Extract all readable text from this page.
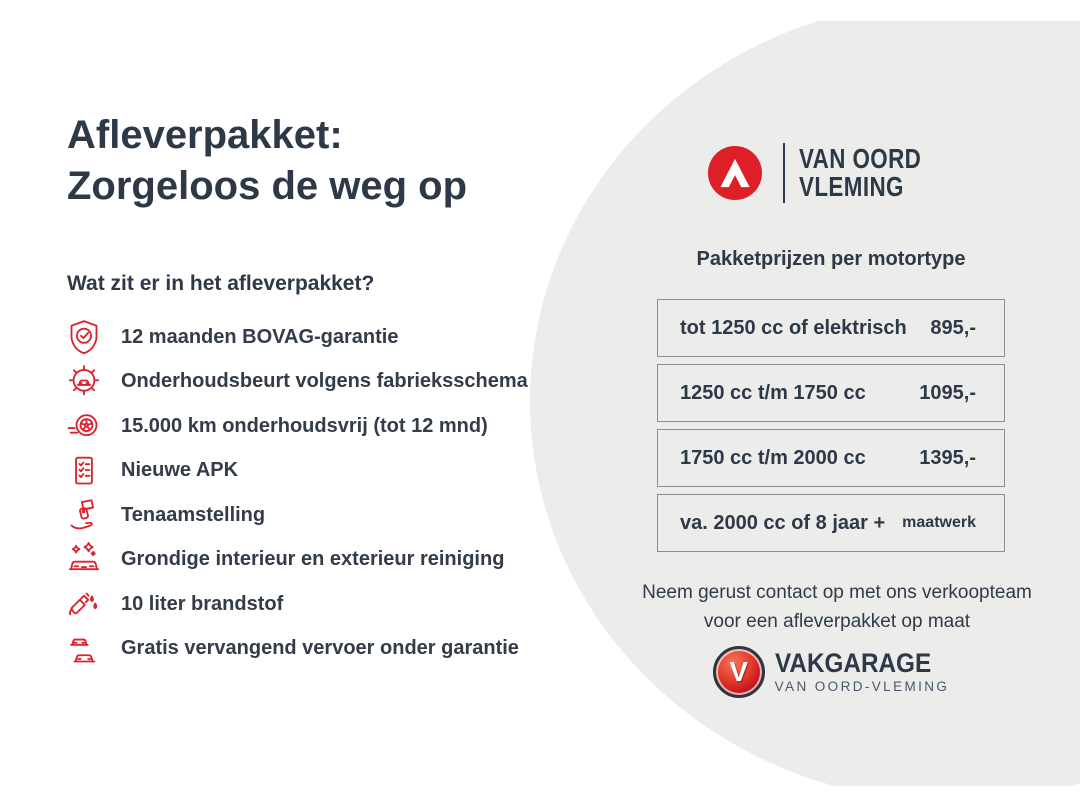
Afleverpakket:
Zorgeloos de weg op
Wat zit er in het afleverpakket?
12 maanden BOVAG-garantie
Onderhoudsbeurt volgens fabrieksschema
15.000 km onderhoudsvrij (tot 12 mnd)
Nieuwe APK
Tenaamstelling
Grondige interieur en exterieur reiniging
10 liter brandstof
Gratis vervangend vervoer onder garantie
VAN OORD
VLEMING
Pakketprijzen per motortype
tot 1250 cc of elektrisch 895,-
1250 cc t/m 1750 cc	1095,-
1750 cc t/m 2000 cc	1395,-
va. 2000 cc of 8 jaar + maatwerk
Neem gerust contact op met ons verkoopteam
voor een afleverpakket op maat
V VAKGARAGE
VAN OORD-VLEMING
